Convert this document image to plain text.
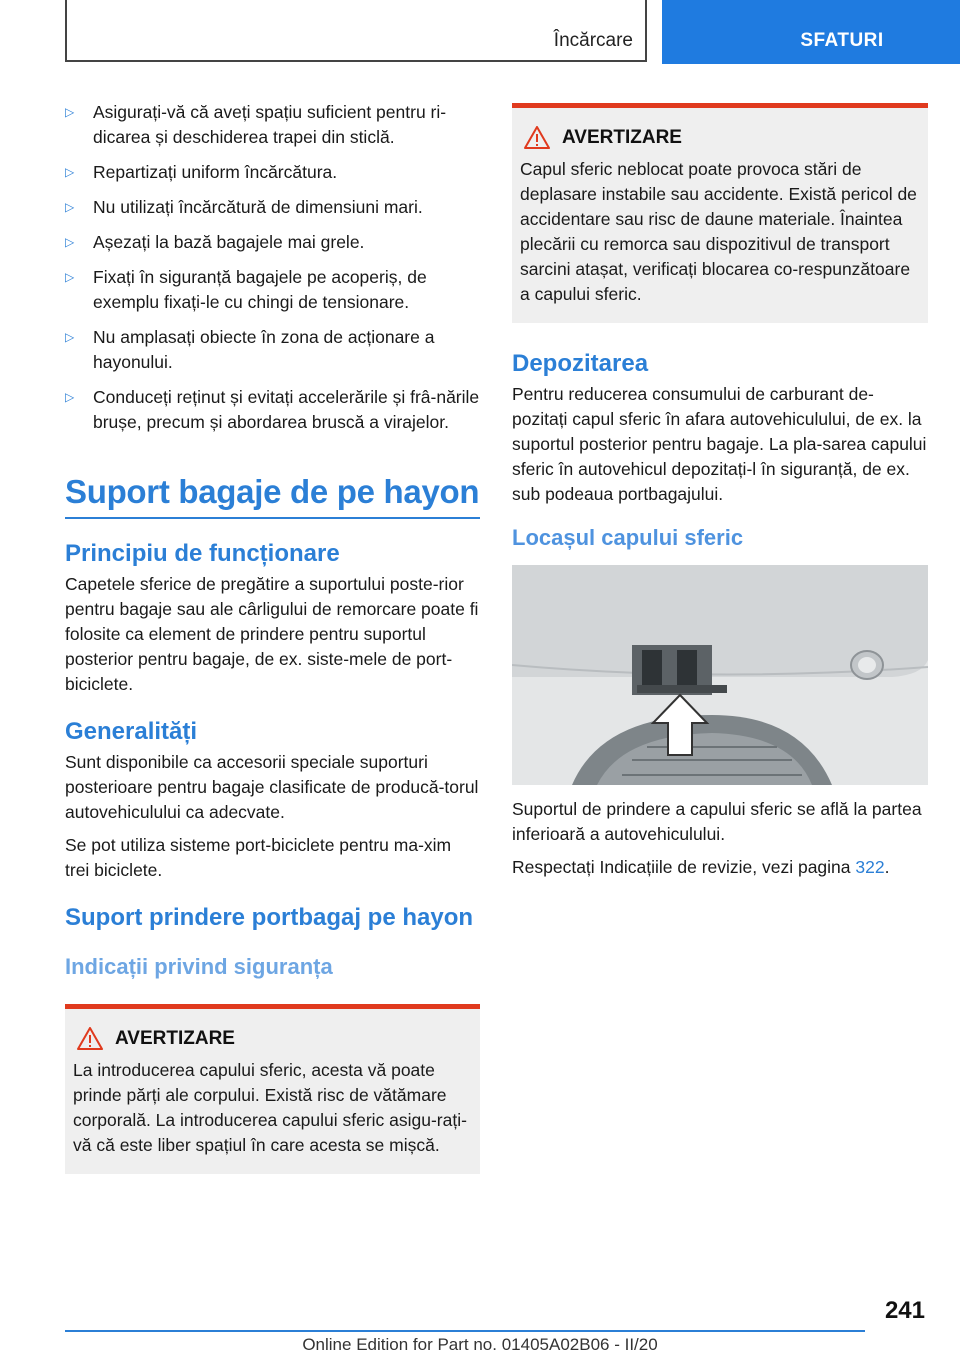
Încărcare	SFATURI
▷ Asigurați-vă că aveți spațiu suficient pentru ri-dicarea și deschiderea trapei din sticlă.
▷ Repartizați uniform încărcătura.
▷ Nu utilizați încărcătură de dimensiuni mari.
▷ Așezați la bază bagajele mai grele.
▷ Fixați în siguranță bagajele pe acoperiș, de exemplu fixați-le cu chingi de tensionare.
▷ Nu amplasați obiecte în zona de acționare a hayonului.
▷ Conduceți reținut și evitați accelerările și frâ-nările brușe, precum și abordarea bruscă a virajelor.
Suport bagaje de pe hayon
Principiu de funcționare

Capetele sferice de pregătire a suportului poste-rior pentru bagaje sau ale cârligului de remorcare poate fi folosite ca element de prindere pentru suportul posterior pentru bagaje, de ex. siste-mele de port-biciclete.

Generalități

Sunt disponibile ca accesorii speciale suporturi posterioare pentru bagaje clasificate de producă-torul autovehiculului ca adecvate.

Se pot utiliza sisteme port-biciclete pentru ma-xim trei biciclete.

Suport prindere portbagaj pe hayon
Indicații privind siguranța
AVERTIZARE
La introducerea capului sferic, acesta vă poate prinde părți ale corpului. Există risc de vătămare corporală. La introducerea capului sferic asigu-rați-vă că este liber spațiul în care acesta se mișcă.
AVERTIZARE
Capul sferic neblocat poate provoca stări de deplasare instabile sau accidente. Există pericol de accidentare sau risc de daune materiale. Înaintea plecării cu remorca sau dispozitivul de transport sarcini atașat, verificați blocarea co-respunzătoare a capului sferic.
Depozitarea

Pentru reducerea consumului de carburant de-pozitați capul sferic în afara autovehiculului, de ex. la suportul posterior pentru bagaje. La pla-sarea capului sferic în autovehicul depozitați-l în siguranță, de ex. sub podeaua portbagajului.

Locașul capului sferic

Suportul de prindere a capului sferic se află la partea inferioară a autovehiculului.

Respectați Indicațiile de revizie, vezi pagina 322.

241
Online Edition for Part no. 01405A02B06 - II/20
